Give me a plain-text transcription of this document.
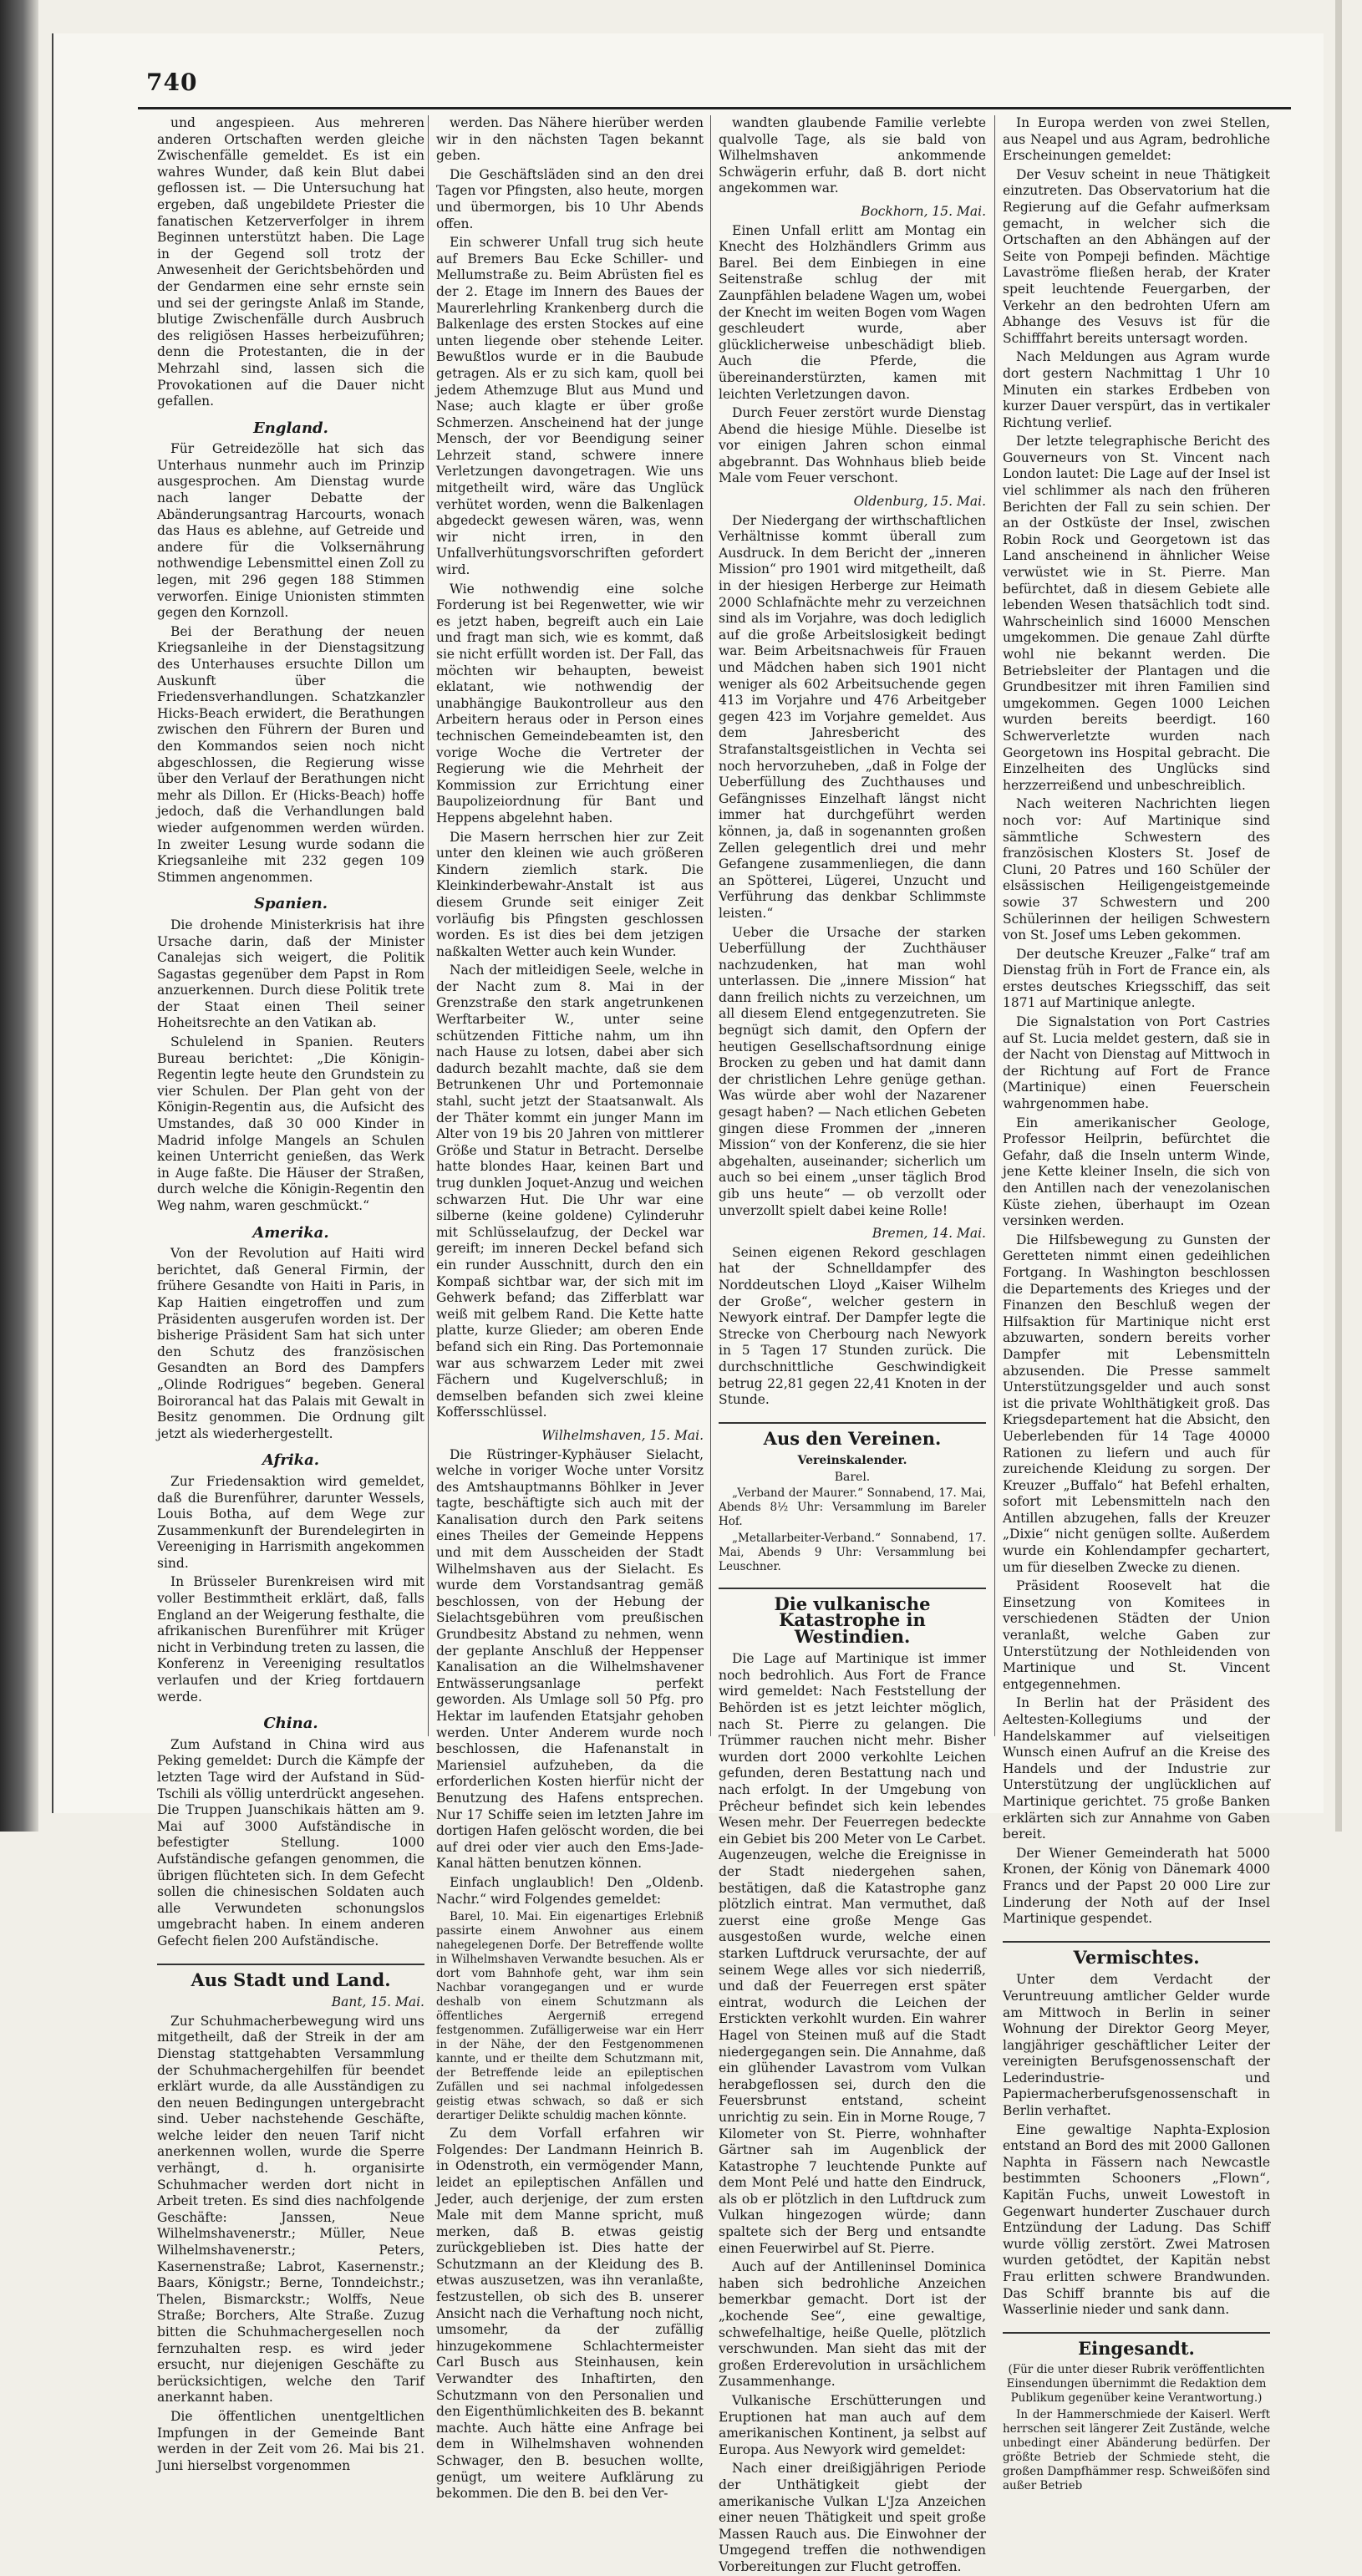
740

und angespieen. Aus mehreren anderen Ortschaften werden gleiche Zwischenfälle gemeldet. Es ist ein wahres Wunder, daß kein Blut dabei geflossen ist. — Die Untersuchung hat ergeben, daß ungebildete Priester die fanatischen Ketzerverfolger in ihrem Beginnen unterstützt haben. Die Lage in der Gegend soll trotz der Anwesenheit der Gerichtsbehörden und der Gendarmen eine sehr ernste sein und sei der geringste Anlaß im Stande, blutige Zwischenfälle durch Ausbruch des religiösen Hasses herbeizuführen; denn die Protestanten, die in der Mehrzahl sind, lassen sich die Provokationen auf die Dauer nicht gefallen.

England.

Für Getreidezölle hat sich das Unterhaus nunmehr auch im Prinzip ausgesprochen. Am Dienstag wurde nach langer Debatte der Abänderungsantrag Harcourts, wonach das Haus es ablehne, auf Getreide und andere für die Volksernährung nothwendige Lebensmittel einen Zoll zu legen, mit 296 gegen 188 Stimmen verworfen. Einige Unionisten stimmten gegen den Kornzoll.

Bei der Berathung der neuen Kriegsanleihe in der Dienstagsitzung des Unterhauses ersuchte Dillon um Auskunft über die Friedensverhandlungen. Schatzkanzler Hicks-Beach erwidert, die Berathungen zwischen den Führern der Buren und den Kommandos seien noch nicht abgeschlossen, die Regierung wisse über den Verlauf der Berathungen nicht mehr als Dillon. Er (Hicks-Beach) hoffe jedoch, daß die Verhandlungen bald wieder aufgenommen werden würden. In zweiter Lesung wurde sodann die Kriegsanleihe mit 232 gegen 109 Stimmen angenommen.

Spanien.

Die drohende Ministerkrisis hat ihre Ursache darin, daß der Minister Canalejas sich weigert, die Politik Sagastas gegenüber dem Papst in Rom anzuerkennen. Durch diese Politik trete der Staat einen Theil seiner Hoheitsrechte an den Vatikan ab.

Schulelend in Spanien. Reuters Bureau berichtet: „Die Königin-Regentin legte heute den Grundstein zu vier Schulen. Der Plan geht von der Königin-Regentin aus, die Aufsicht des Umstandes, daß 30 000 Kinder in Madrid infolge Mangels an Schulen keinen Unterricht genießen, das Werk in Auge faßte. Die Häuser der Straßen, durch welche die Königin-Regentin den Weg nahm, waren geschmückt.“

Amerika.

Von der Revolution auf Haiti wird berichtet, daß General Firmin, der frühere Gesandte von Haiti in Paris, in Kap Haitien eingetroffen und zum Präsidenten ausgerufen worden ist. Der bisherige Präsident Sam hat sich unter den Schutz des französischen Gesandten an Bord des Dampfers „Olinde Rodrigues“ begeben. General Boirorancal hat das Palais mit Gewalt in Besitz genommen. Die Ordnung gilt jetzt als wiederhergestellt.

Afrika.

Zur Friedensaktion wird gemeldet, daß die Burenführer, darunter Wessels, Louis Botha, auf dem Wege zur Zusammenkunft der Burendelegirten in Vereeniging in Harrismith angekommen sind.

In Brüsseler Burenkreisen wird mit voller Bestimmtheit erklärt, daß, falls England an der Weigerung festhalte, die afrikanischen Burenführer mit Krüger nicht in Verbindung treten zu lassen, die Konferenz in Vereeniging resultatlos verlaufen und der Krieg fortdauern werde.

China.

Zum Aufstand in China wird aus Peking gemeldet: Durch die Kämpfe der letzten Tage wird der Aufstand in Süd-Tschili als völlig unterdrückt angesehen. Die Truppen Juanschikais hätten am 9. Mai auf 3000 Aufständische in befestigter Stellung. 1000 Aufständische gefangen genommen, die übrigen flüchteten sich. In dem Gefecht sollen die chinesischen Soldaten auch alle Verwundeten schonungslos umgebracht haben. In einem anderen Gefecht fielen 200 Aufständische.

Aus Stadt und Land.
Bant, 15. Mai.

Zur Schuhmacherbewegung wird uns mitgetheilt, daß der Streik in der am Dienstag stattgehabten Versammlung der Schuhmachergehilfen für beendet erklärt wurde, da alle Ausständigen zu den neuen Bedingungen untergebracht sind. Ueber nachstehende Geschäfte, welche leider den neuen Tarif nicht anerkennen wollen, wurde die Sperre verhängt, d. h. organisirte Schuhmacher werden dort nicht in Arbeit treten. Es sind dies nachfolgende Geschäfte: Janssen, Neue Wilhelmshavenerstr.; Müller, Neue Wilhelmshavenerstr.; Peters, Kasernenstraße; Labrot, Kasernenstr.; Baars, Königstr.; Berne, Tonndeichstr.; Thelen, Bismarckstr.; Wolffs, Neue Straße; Borchers, Alte Straße. Zuzug bitten die Schuhmachergesellen noch fernzuhalten resp. es wird jeder ersucht, nur diejenigen Geschäfte zu berücksichtigen, welche den Tarif anerkannt haben.

Die öffentlichen unentgeltlichen Impfungen in der Gemeinde Bant werden in der Zeit vom 26. Mai bis 21. Juni hierselbst vorgenommen

werden. Das Nähere hierüber werden wir in den nächsten Tagen bekannt geben.

Die Geschäftsläden sind an den drei Tagen vor Pfingsten, also heute, morgen und übermorgen, bis 10 Uhr Abends offen.

Ein schwerer Unfall trug sich heute auf Bremers Bau Ecke Schiller- und Mellumstraße zu. Beim Abrüsten fiel es der 2. Etage im Innern des Baues der Maurerlehrling Krankenberg durch die Balkenlage des ersten Stockes auf eine unten liegende ober stehende Leiter. Bewußtlos wurde er in die Baubude getragen. Als er zu sich kam, quoll bei jedem Athemzuge Blut aus Mund und Nase; auch klagte er über große Schmerzen. Anscheinend hat der junge Mensch, der vor Beendigung seiner Lehrzeit stand, schwere innere Verletzungen davongetragen. Wie uns mitgetheilt wird, wäre das Unglück verhütet worden, wenn die Balkenlagen abgedeckt gewesen wären, was, wenn wir nicht irren, in den Unfallverhütungsvorschriften gefordert wird.

Wie nothwendig eine solche Forderung ist bei Regenwetter, wie wir es jetzt haben, begreift auch ein Laie und fragt man sich, wie es kommt, daß sie nicht erfüllt worden ist. Der Fall, das möchten wir behaupten, beweist eklatant, wie nothwendig der unabhängige Baukontrolleur aus den Arbeitern heraus oder in Person eines technischen Gemeindebeamten ist, den vorige Woche die Vertreter der Regierung wie die Mehrheit der Kommission zur Errichtung einer Baupolizeiordnung für Bant und Heppens abgelehnt haben.

Die Masern herrschen hier zur Zeit unter den kleinen wie auch größeren Kindern ziemlich stark. Die Kleinkinderbewahr-Anstalt ist aus diesem Grunde seit einiger Zeit vorläufig bis Pfingsten geschlossen worden. Es ist dies bei dem jetzigen naßkalten Wetter auch kein Wunder.

Nach der mitleidigen Seele, welche in der Nacht zum 8. Mai in der Grenzstraße den stark angetrunkenen Werftarbeiter W., unter seine schützenden Fittiche nahm, um ihn nach Hause zu lotsen, dabei aber sich dadurch bezahlt machte, daß sie dem Betrunkenen Uhr und Portemonnaie stahl, sucht jetzt der Staatsanwalt. Als der Thäter kommt ein junger Mann im Alter von 19 bis 20 Jahren von mittlerer Größe und Statur in Betracht. Derselbe hatte blondes Haar, keinen Bart und trug dunklen Joquet-Anzug und weichen schwarzen Hut. Die Uhr war eine silberne (keine goldene) Cylinderuhr mit Schlüsselaufzug, der Deckel war gereift; im inneren Deckel befand sich ein runder Ausschnitt, durch den ein Kompaß sichtbar war, der sich mit im Gehwerk befand; das Zifferblatt war weiß mit gelbem Rand. Die Kette hatte platte, kurze Glieder; am oberen Ende befand sich ein Ring. Das Portemonnaie war aus schwarzem Leder mit zwei Fächern und Kugelverschluß; in demselben befanden sich zwei kleine Koffersschlüssel.

Wilhelmshaven, 15. Mai.

Die Rüstringer-Kyphäuser Sielacht, welche in voriger Woche unter Vorsitz des Amtshauptmanns Böhlker in Jever tagte, beschäftigte sich auch mit der Kanalisation durch den Park seitens eines Theiles der Gemeinde Heppens und mit dem Ausscheiden der Stadt Wilhelmshaven aus der Sielacht. Es wurde dem Vorstandsantrag gemäß beschlossen, von der Hebung der Sielachtsgebühren vom preußischen Grundbesitz Abstand zu nehmen, wenn der geplante Anschluß der Heppenser Kanalisation an die Wilhelmshavener Entwässerungsanlage perfekt geworden. Als Umlage soll 50 Pfg. pro Hektar im laufenden Etatsjahr gehoben werden. Unter Anderem wurde noch beschlossen, die Hafenanstalt in Mariensiel aufzuheben, da die erforderlichen Kosten hierfür nicht der Benutzung des Hafens entsprechen. Nur 17 Schiffe seien im letzten Jahre im dortigen Hafen gelöscht worden, die bei auf drei oder vier auch den Ems-Jade-Kanal hätten benutzen können.

Einfach unglaublich! Den „Oldenb. Nachr.“ wird Folgendes gemeldet:

Barel, 10. Mai. Ein eigenartiges Erlebniß passirte einem Anwohner aus einem nahegelegenen Dorfe. Der Betreffende wollte in Wilhelmshaven Verwandte besuchen. Als er dort vom Bahnhofe geht, war ihm sein Nachbar vorangegangen und er wurde deshalb von einem Schutzmann als öffentliches Aergerniß erregend festgenommen. Zufälligerweise war ein Herr in der Nähe, der den Festgenommenen kannte, und er theilte dem Schutzmann mit, der Betreffende leide an epileptischen Zufällen und sei nachmal infolgedessen geistig etwas schwach, so daß er sich derartiger Delikte schuldig machen könnte.

Zu dem Vorfall erfahren wir Folgendes: Der Landmann Heinrich B. in Odenstroth, ein vermögender Mann, leidet an epileptischen Anfällen und Jeder, auch derjenige, der zum ersten Male mit dem Manne spricht, muß merken, daß B. etwas geistig zurückgeblieben ist. Dies hatte der Schutzmann an der Kleidung des B. etwas auszusetzen, was ihn veranlaßte, festzustellen, ob sich des B. unserer Ansicht nach die Verhaftung noch nicht, umsomehr, da der zufällig hinzugekommene Schlachtermeister Carl Busch aus Steinhausen, kein Verwandter des Inhaftirten, den Schutzmann von den Personalien und den Eigenthümlichkeiten des B. bekannt machte. Auch hätte eine Anfrage bei dem in Wilhelmshaven wohnenden Schwager, den B. besuchen wollte, genügt, um weitere Aufklärung zu bekommen. Die den B. bei den Ver-

wandten glaubende Familie verlebte qualvolle Tage, als sie bald von Wilhelmshaven ankommende Schwägerin erfuhr, daß B. dort nicht angekommen war.

Bockhorn, 15. Mai.

Einen Unfall erlitt am Montag ein Knecht des Holzhändlers Grimm aus Barel. Bei dem Einbiegen in eine Seitenstraße schlug der mit Zaunpfählen beladene Wagen um, wobei der Knecht im weiten Bogen vom Wagen geschleudert wurde, aber glücklicherweise unbeschädigt blieb. Auch die Pferde, die übereinanderstürzten, kamen mit leichten Verletzungen davon.

Durch Feuer zerstört wurde Dienstag Abend die hiesige Mühle. Dieselbe ist vor einigen Jahren schon einmal abgebrannt. Das Wohnhaus blieb beide Male vom Feuer verschont.

Oldenburg, 15. Mai.

Der Niedergang der wirthschaftlichen Verhältnisse kommt überall zum Ausdruck. In dem Bericht der „inneren Mission“ pro 1901 wird mitgetheilt, daß in der hiesigen Herberge zur Heimath 2000 Schlafnächte mehr zu verzeichnen sind als im Vorjahre, was doch lediglich auf die große Arbeitslosigkeit bedingt war. Beim Arbeitsnachweis für Frauen und Mädchen haben sich 1901 nicht weniger als 602 Arbeitsuchende gegen 413 im Vorjahre und 476 Arbeitgeber gegen 423 im Vorjahre gemeldet. Aus dem Jahresbericht des Strafanstaltsgeistlichen in Vechta sei noch hervorzuheben, „daß in Folge der Ueberfüllung des Zuchthauses und Gefängnisses Einzelhaft längst nicht immer hat durchgeführt werden können, ja, daß in sogenannten großen Zellen gelegentlich drei und mehr Gefangene zusammenliegen, die dann an Spötterei, Lügerei, Unzucht und Verführung das denkbar Schlimmste leisten.“

Ueber die Ursache der starken Ueberfüllung der Zuchthäuser nachzudenken, hat man wohl unterlassen. Die „innere Mission“ hat dann freilich nichts zu verzeichnen, um all diesem Elend entgegenzutreten. Sie begnügt sich damit, den Opfern der heutigen Gesellschaftsordnung einige Brocken zu geben und hat damit dann der christlichen Lehre genüge gethan. Was würde aber wohl der Nazarener gesagt haben? — Nach etlichen Gebeten gingen diese Frommen der „inneren Mission“ von der Konferenz, die sie hier abgehalten, auseinander; sicherlich um auch so bei einem „unser täglich Brod gib uns heute“ — ob verzollt oder unverzollt spielt dabei keine Rolle!

Bremen, 14. Mai.

Seinen eigenen Rekord geschlagen hat der Schnelldampfer des Norddeutschen Lloyd „Kaiser Wilhelm der Große“, welcher gestern in Newyork eintraf. Der Dampfer legte die Strecke von Cherbourg nach Newyork in 5 Tagen 17 Stunden zurück. Die durchschnittliche Geschwindigkeit betrug 22,81 gegen 22,41 Knoten in der Stunde.

Aus den Vereinen.
Vereinskalender.
Barel.

„Verband der Maurer.“ Sonnabend, 17. Mai, Abends 8½ Uhr: Versammlung im Bareler Hof.

„Metallarbeiter-Verband.“ Sonnabend, 17. Mai, Abends 9 Uhr: Versammlung bei Leuschner.

Die vulkanische Katastrophe in Westindien.

Die Lage auf Martinique ist immer noch bedrohlich. Aus Fort de France wird gemeldet: Nach Feststellung der Behörden ist es jetzt leichter möglich, nach St. Pierre zu gelangen. Die Trümmer rauchen nicht mehr. Bisher wurden dort 2000 verkohlte Leichen gefunden, deren Bestattung nach und nach erfolgt. In der Umgebung von Prêcheur befindet sich kein lebendes Wesen mehr. Der Feuerregen bedeckte ein Gebiet bis 200 Meter von Le Carbet. Augenzeugen, welche die Ereignisse in der Stadt niedergehen sahen, bestätigen, daß die Katastrophe ganz plötzlich eintrat. Man vermuthet, daß zuerst eine große Menge Gas ausgestoßen wurde, welche einen starken Luftdruck verursachte, der auf seinem Wege alles vor sich niederriß, und daß der Feuerregen erst später eintrat, wodurch die Leichen der Erstickten verkohlt wurden. Ein wahrer Hagel von Steinen muß auf die Stadt niedergegangen sein. Die Annahme, daß ein glühender Lavastrom vom Vulkan herabgeflossen sei, durch den die Feuersbrunst entstand, scheint unrichtig zu sein. Ein in Morne Rouge, 7 Kilometer von St. Pierre, wohnhafter Gärtner sah im Augenblick der Katastrophe 7 leuchtende Punkte auf dem Mont Pelé und hatte den Eindruck, als ob er plötzlich in den Luftdruck zum Vulkan hingezogen würde; dann spaltete sich der Berg und entsandte einen Feuerwirbel auf St. Pierre.

Auch auf der Antilleninsel Dominica haben sich bedrohliche Anzeichen bemerkbar gemacht. Dort ist der „kochende See“, eine gewaltige, schwefelhaltige, heiße Quelle, plötzlich verschwunden. Man sieht das mit der großen Erderevolution in ursächlichem Zusammenhange.

Vulkanische Erschütterungen und Eruptionen hat man auch auf dem amerikanischen Kontinent, ja selbst auf Europa. Aus Newyork wird gemeldet:

Nach einer dreißigjährigen Periode der Unthätigkeit giebt der amerikanische Vulkan L'Jza Anzeichen einer neuen Thätigkeit und speit große Massen Rauch aus. Die Einwohner der Umgegend treffen die nothwendigen Vorbereitungen zur Flucht getroffen.

In Europa werden von zwei Stellen, aus Neapel und aus Agram, bedrohliche Erscheinungen gemeldet:

Der Vesuv scheint in neue Thätigkeit einzutreten. Das Observatorium hat die Regierung auf die Gefahr aufmerksam gemacht, in welcher sich die Ortschaften an den Abhängen auf der Seite von Pompeji befinden. Mächtige Lavaströme fließen herab, der Krater speit leuchtende Feuergarben, der Verkehr an den bedrohten Ufern am Abhange des Vesuvs ist für die Schifffahrt bereits untersagt worden.

Nach Meldungen aus Agram wurde dort gestern Nachmittag 1 Uhr 10 Minuten ein starkes Erdbeben von kurzer Dauer verspürt, das in vertikaler Richtung verlief.

Der letzte telegraphische Bericht des Gouverneurs von St. Vincent nach London lautet: Die Lage auf der Insel ist viel schlimmer als nach den früheren Berichten der Fall zu sein schien. Der an der Ostküste der Insel, zwischen Robin Rock und Georgetown ist das Land anscheinend in ähnlicher Weise verwüstet wie in St. Pierre. Man befürchtet, daß in diesem Gebiete alle lebenden Wesen thatsächlich todt sind. Wahrscheinlich sind 16000 Menschen umgekommen. Die genaue Zahl dürfte wohl nie bekannt werden. Die Betriebsleiter der Plantagen und die Grundbesitzer mit ihren Familien sind umgekommen. Gegen 1000 Leichen wurden bereits beerdigt. 160 Schwerverletzte wurden nach Georgetown ins Hospital gebracht. Die Einzelheiten des Unglücks sind herzzerreißend und unbeschreiblich.

Nach weiteren Nachrichten liegen noch vor: Auf Martinique sind sämmtliche Schwestern des französischen Klosters St. Josef de Cluni, 20 Patres und 160 Schüler der elsässischen Heiligengeistgemeinde sowie 37 Schwestern und 200 Schülerinnen der heiligen Schwestern von St. Josef ums Leben gekommen.

Der deutsche Kreuzer „Falke“ traf am Dienstag früh in Fort de France ein, als erstes deutsches Kriegsschiff, das seit 1871 auf Martinique anlegte.

Die Signalstation von Port Castries auf St. Lucia meldet gestern, daß sie in der Nacht von Dienstag auf Mittwoch in der Richtung auf Fort de France (Martinique) einen Feuerschein wahrgenommen habe.

Ein amerikanischer Geologe, Professor Heilprin, befürchtet die Gefahr, daß die Inseln unterm Winde, jene Kette kleiner Inseln, die sich von den Antillen nach der venezolanischen Küste ziehen, überhaupt im Ozean versinken werden.

Die Hilfsbewegung zu Gunsten der Geretteten nimmt einen gedeihlichen Fortgang. In Washington beschlossen die Departements des Krieges und der Finanzen den Beschluß wegen der Hilfsaktion für Martinique nicht erst abzuwarten, sondern bereits vorher Dampfer mit Lebensmitteln abzusenden. Die Presse sammelt Unterstützungsgelder und auch sonst ist die private Wohlthätigkeit groß. Das Kriegsdepartement hat die Absicht, den Ueberlebenden für 14 Tage 40000 Rationen zu liefern und auch für zureichende Kleidung zu sorgen. Der Kreuzer „Buffalo“ hat Befehl erhalten, sofort mit Lebensmitteln nach den Antillen abzugehen, falls der Kreuzer „Dixie“ nicht genügen sollte. Außerdem wurde ein Kohlendampfer gechartert, um für dieselben Zwecke zu dienen.

Präsident Roosevelt hat die Einsetzung von Komitees in verschiedenen Städten der Union veranlaßt, welche Gaben zur Unterstützung der Nothleidenden von Martinique und St. Vincent entgegennehmen.

In Berlin hat der Präsident des Aeltesten-Kollegiums und der Handelskammer auf vielseitigen Wunsch einen Aufruf an die Kreise des Handels und der Industrie zur Unterstützung der unglücklichen auf Martinique gerichtet. 75 große Banken erklärten sich zur Annahme von Gaben bereit.

Der Wiener Gemeinderath hat 5000 Kronen, der König von Dänemark 4000 Francs und der Papst 20 000 Lire zur Linderung der Noth auf der Insel Martinique gespendet.

Vermischtes.

Unter dem Verdacht der Veruntreuung amtlicher Gelder wurde am Mittwoch in Berlin in seiner Wohnung der Direktor Georg Meyer, langjähriger geschäftlicher Leiter der vereinigten Berufsgenossenschaft der Lederindustrie- und Papiermacherberufsgenossenschaft in Berlin verhaftet.

Eine gewaltige Naphta-Explosion entstand an Bord des mit 2000 Gallonen Naphta in Fässern nach Newcastle bestimmten Schooners „Flown“, Kapitän Fuchs, unweit Lowestoft in Gegenwart hunderter Zuschauer durch Entzündung der Ladung. Das Schiff wurde völlig zerstört. Zwei Matrosen wurden getödtet, der Kapitän nebst Frau erlitten schwere Brandwunden. Das Schiff brannte bis auf die Wasserlinie nieder und sank dann.

Eingesandt.

(Für die unter dieser Rubrik veröffentlichten Einsendungen übernimmt die Redaktion dem Publikum gegenüber keine Verantwortung.)

In der Hammerschmiede der Kaiserl. Werft herrschen seit längerer Zeit Zustände, welche unbedingt einer Abänderung bedürfen. Der größte Betrieb der Schmiede steht, die großen Dampfhämmer resp. Schweißöfen sind außer Betrieb
